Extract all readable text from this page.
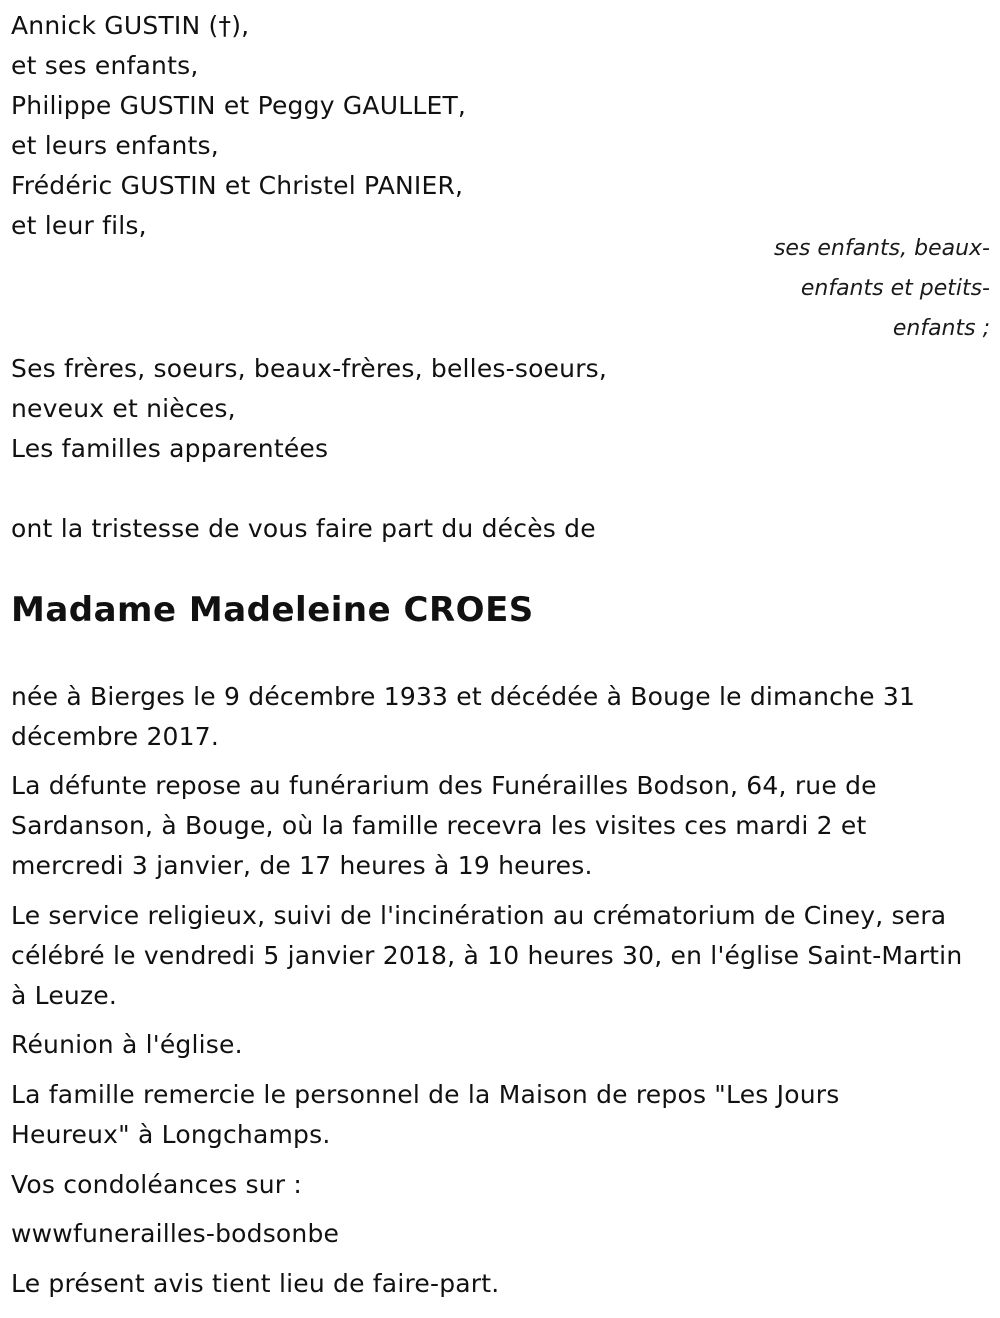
Annick GUSTIN (†),
et ses enfants,
Philippe GUSTIN et Peggy GAULLET,
et leurs enfants,
Frédéric GUSTIN et Christel PANIER,
et leur fils,
ses enfants, beaux-
enfants et petits-
enfants ;
Ses frères, soeurs, beaux-frères, belles-soeurs,
neveux et nièces,
Les familles apparentées
ont la tristesse de vous faire part du décès de
Madame Madeleine CROES
née à Bierges le 9 décembre 1933 et décédée à Bouge le dimanche 31
décembre 2017.
La défunte repose au funérarium des Funérailles Bodson, 64, rue de
Sardanson, à Bouge, où la famille recevra les visites ces mardi 2 et
mercredi 3 janvier, de 17 heures à 19 heures.
Le service religieux, suivi de l'incinération au crématorium de Ciney, sera
célébré le vendredi 5 janvier 2018, à 10 heures 30, en l'église Saint-Martin
à Leuze.
Réunion à l'église.
La famille remercie le personnel de la Maison de repos "Les Jours
Heureux" à Longchamps.
Vos condoléances sur :
wwwfunerailles-bodsonbe
Le présent avis tient lieu de faire-part.
